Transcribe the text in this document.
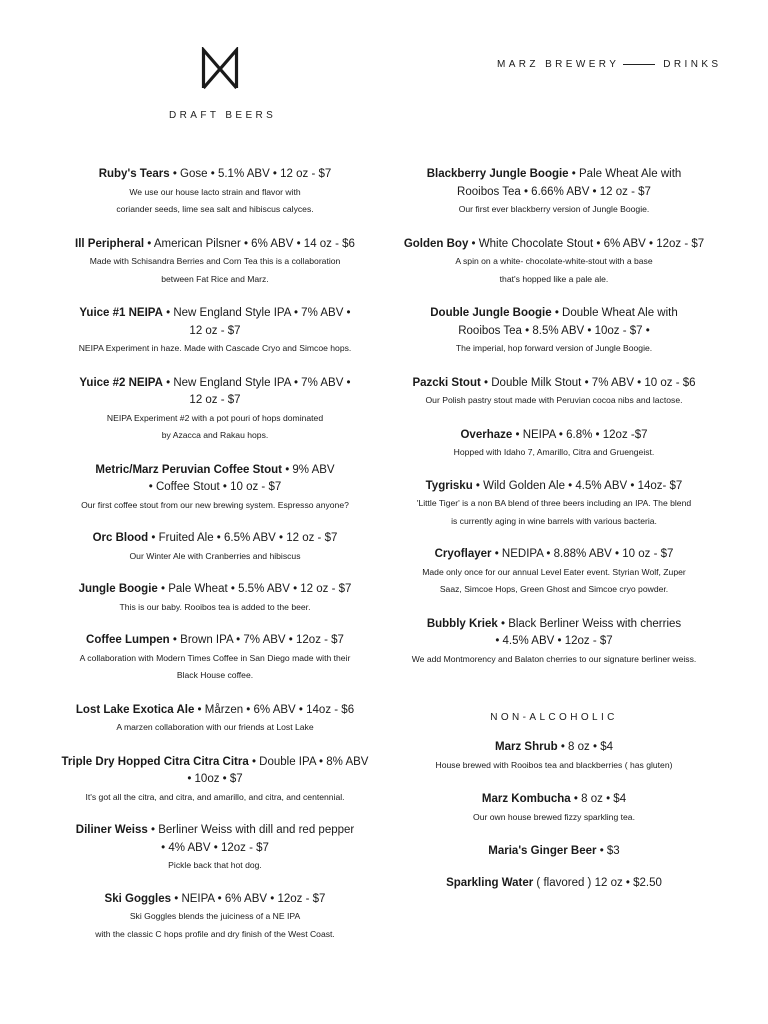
DRAFT BEERS
MARZ BREWERY	DRINKS
Ruby's Tears • Gose • 5.1% ABV • 12 oz - $7
We use our house lacto strain and flavor with
coriander seeds, lime sea salt and hibiscus calyces.
Ill Peripheral • American Pilsner • 6% ABV • 14 oz - $6
Made with Schisandra Berries and Corn Tea this is a collaboration
between Fat Rice and Marz.
Yuice #1 NEIPA • New England Style IPA • 7% ABV •
12 oz - $7
NEIPA Experiment in haze. Made with Cascade Cryo and Simcoe hops.
Yuice #2 NEIPA • New England Style IPA • 7% ABV •
12 oz - $7
NEIPA Experiment #2 with a pot pouri of hops dominated
by Azacca and Rakau hops.
Metric/Marz Peruvian Coffee Stout • 9% ABV
• Coffee Stout • 10 oz - $7
Our first coffee stout from our new brewing system. Espresso anyone?
Orc Blood • Fruited Ale • 6.5% ABV • 12 oz - $7
Our Winter Ale with Cranberries and hibiscus
Jungle Boogie • Pale Wheat • 5.5% ABV • 12 oz - $7
This is our baby. Rooibos tea is added to the beer.
Coffee Lumpen • Brown IPA • 7% ABV • 12oz - $7
A collaboration with Modern Times Coffee in San Diego made with their
Black House coffee.
Lost Lake Exotica Ale • Mårzen • 6% ABV • 14oz - $6
A marzen collaboration with our friends at Lost Lake
Triple Dry Hopped Citra Citra Citra • Double IPA • 8% ABV
• 10oz • $7
It's got all the citra, and citra, and amarillo, and citra, and centennial.
Diliner Weiss • Berliner Weiss with dill and red pepper
• 4% ABV • 12oz - $7
Pickle back that hot dog.
Ski Goggles • NEIPA • 6% ABV • 12oz - $7
Ski Goggles blends the juiciness of a NE IPA
with the classic C hops profile and dry finish of the West Coast.
Blackberry Jungle Boogie • Pale Wheat Ale with
Rooibos Tea • 6.66% ABV • 12 oz - $7
Our first ever blackberry version of Jungle Boogie.
Golden Boy • White Chocolate Stout • 6% ABV • 12oz - $7
A spin on a white- chocolate-white-stout with a base
that's hopped like a pale ale.
Double Jungle Boogie • Double Wheat Ale with
Rooibos Tea • 8.5% ABV • 10oz - $7 •
The imperial, hop forward version of Jungle Boogie.
Pazcki Stout • Double Milk Stout • 7% ABV • 10 oz - $6
Our Polish pastry stout made with Peruvian cocoa nibs and lactose.
Overhaze • NEIPA • 6.8% • 12oz -$7
Hopped with Idaho 7, Amarillo, Citra and Gruengeist.
Tygrisku • Wild Golden Ale • 4.5% ABV • 14oz- $7
'Little Tiger' is a non BA blend of three beers including an IPA. The blend
is currently aging in wine barrels with various bacteria.
Cryoflayer • NEDIPA • 8.88% ABV • 10 oz - $7
Made only once for our annual Level Eater event. Styrian Wolf, Zuper
Saaz, Simcoe Hops, Green Ghost and Simcoe cryo powder.
Bubbly Kriek • Black Berliner Weiss with cherries
• 4.5% ABV • 12oz - $7
We add Montmorency and Balaton cherries to our signature berliner weiss.
NON-ALCOHOLIC
Marz Shrub • 8 oz • $4
House brewed with Rooibos tea and blackberries ( has gluten)
Marz Kombucha • 8 oz • $4
Our own house brewed fizzy sparkling tea.
Maria's Ginger Beer • $3
Sparkling Water ( flavored ) 12 oz • $2.50
